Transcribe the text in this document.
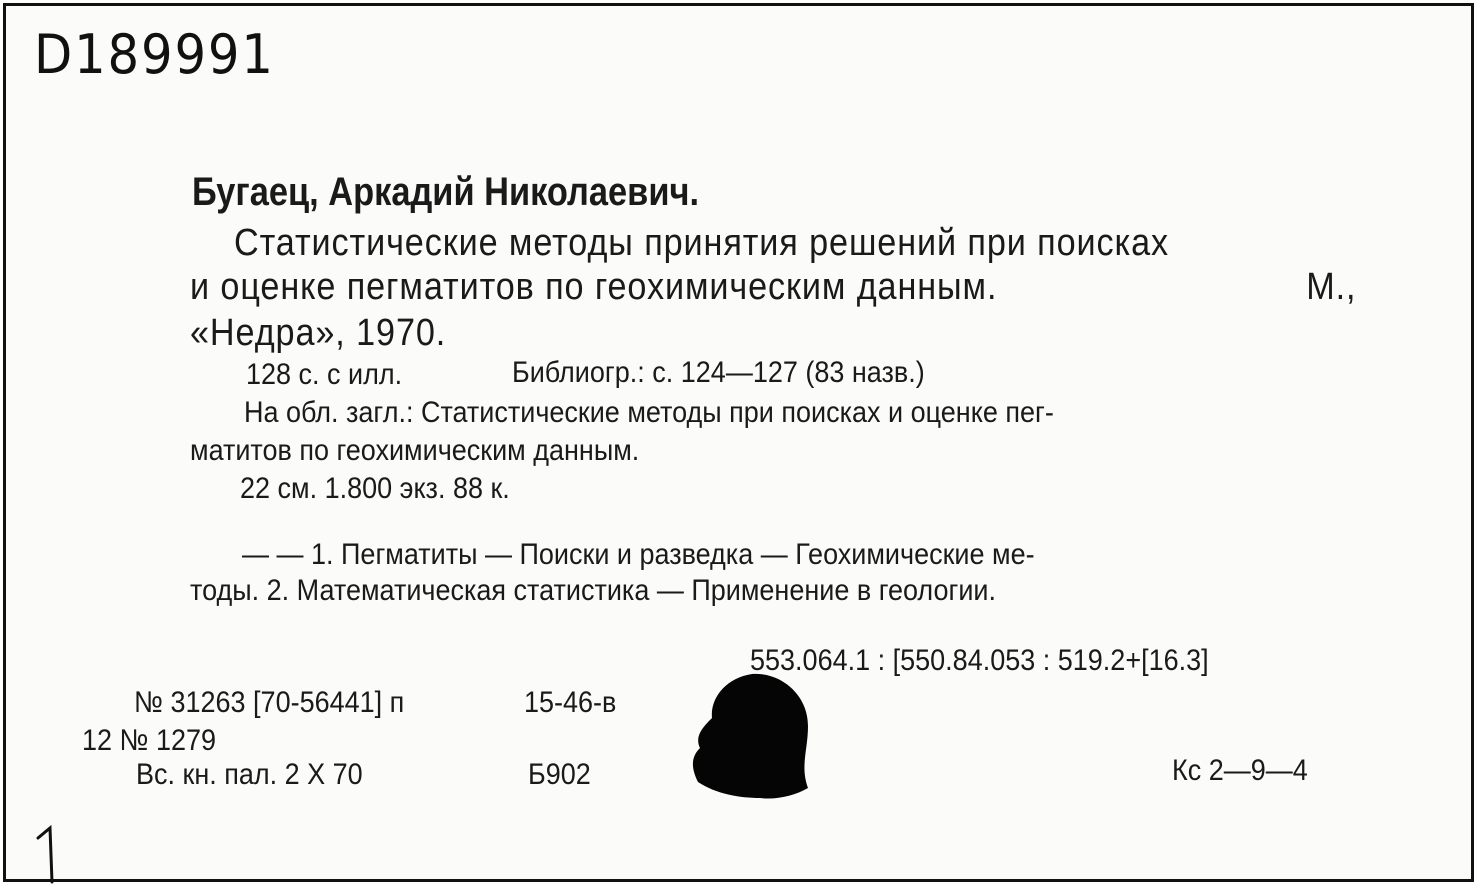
D189991
Бугаец, Аркадий Николаевич.
Статистические методы принятия решений при поисках
и оценке пегматитов по геохимическим данным.	М.,
«Недра», 1970.
128 с. с илл.	Библиогр.: с. 124—127 (83 назв.)
На обл. загл.: Статистические методы при поисках и оценке пег-
матитов по геохимическим данным.
22 см. 1.800 экз. 88 к.
— — 1. Пегматиты — Поиски и разведка — Геохимические ме-
тоды. 2. Математическая статистика — Применение в геологии.
553.064.1 : [550.84.053 : 519.2+[16.3]
№ 31263 [70-56441] п	15-46-в
12 № 1279
Вс. кн. пал. 2 X 70	Б902	Кс 2—9—4
